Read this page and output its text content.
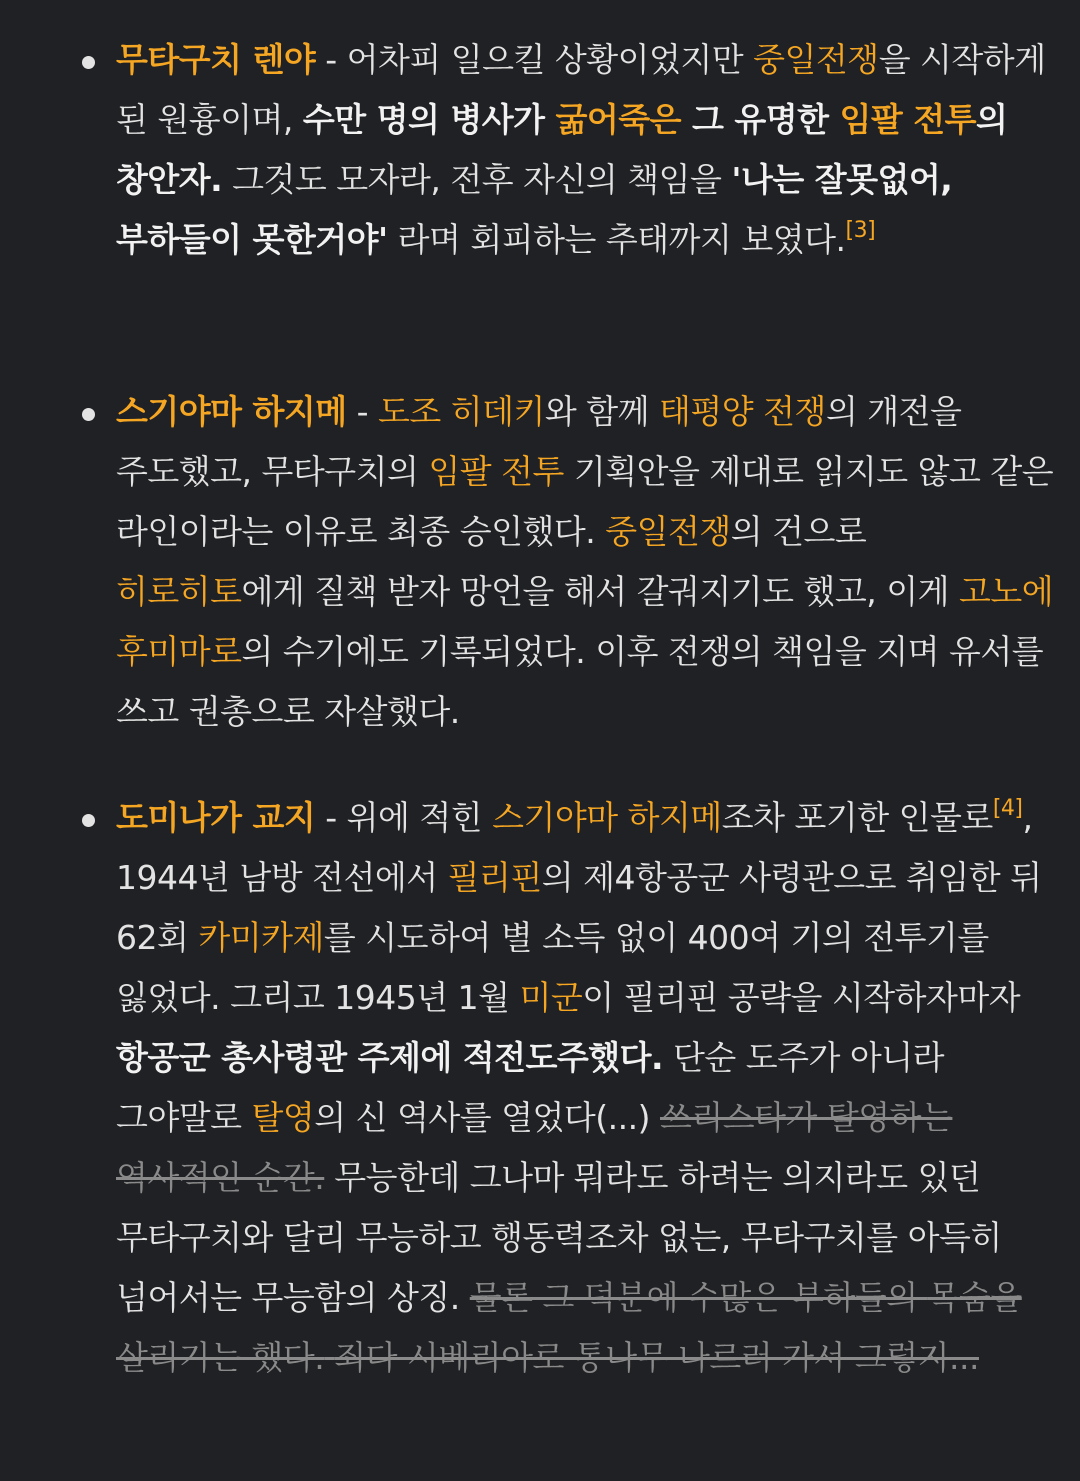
무타구치 렌야 - 어차피 일으킬 상황이었지만 중일전쟁을 시작하게 된 원흉이며, 수만 명의 병사가 굶어죽은 그 유명한 임팔 전투의 창안자. 그것도 모자라, 전후 자신의 책임을 '나는 잘못없어, 부하들이 못한거야' 라며 회피하는 추태까지 보였다.[3]

스기야마 하지메 - 도조 히데키와 함께 태평양 전쟁의 개전을 주도했고, 무타구치의 임팔 전투 기획안을 제대로 읽지도 않고 같은 라인이라는 이유로 최종 승인했다. 중일전쟁의 건으로 히로히토에게 질책 받자 망언을 해서 갈궈지기도 했고, 이게 고노에 후미마로의 수기에도 기록되었다. 이후 전쟁의 책임을 지며 유서를 쓰고 권총으로 자살했다.

도미나가 교지 - 위에 적힌 스기야마 하지메조차 포기한 인물로[4], 1944년 남방 전선에서 필리핀의 제4항공군 사령관으로 취임한 뒤 62회 카미카제를 시도하여 별 소득 없이 400여 기의 전투기를 잃었다. 그리고 1945년 1월 미군이 필리핀 공략을 시작하자마자 항공군 총사령관 주제에 적전도주했다. 단순 도주가 아니라 그야말로 탈영의 신 역사를 열었다(...) 쓰리스타가 탈영하는 역사적인 순간. 무능한데 그나마 뭐라도 하려는 의지라도 있던 무타구치와 달리 무능하고 행동력조차 없는, 무타구치를 아득히 넘어서는 무능함의 상징. 물론 그 덕분에 수많은 부하들의 목숨을 살리기는 했다. 죄다 시베리아로 통나무 나르러 가서 그렇지...
